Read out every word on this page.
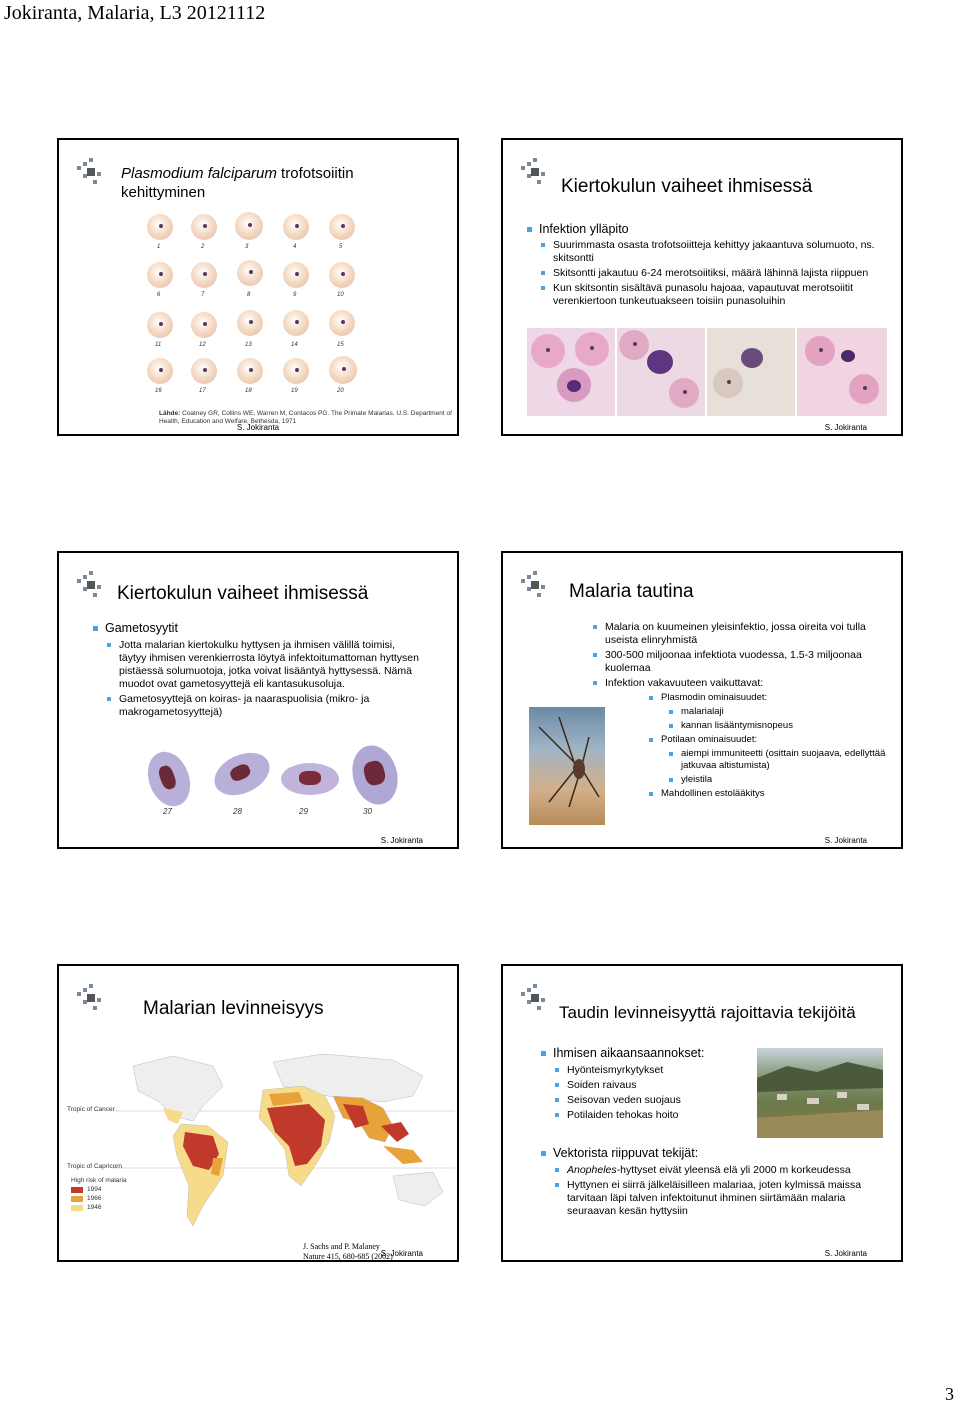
Jokiranta, Malaria, L3 20121112
Plasmodium falciparum trofotsoiitin kehittyminen
1	2	3	4	5
6	7	8	9	10
11	12	13	14	15
16	17	18	19	20
Lähde: Coatney GR, Collins WE, Warren M, Contacos PG. The Primate Malarias. U.S. Department of Health, Education and Welfare, Bethesda, 1971
S. Jokiranta
Kiertokulun vaiheet ihmisessä
Infektion ylläpito
Suurimmasta osasta trofotsoiitteja kehittyy jakaantuva solumuoto, ns. skitsontti
Skitsontti jakautuu 6-24 merotsoiitiksi, määrä lähinnä lajista riippuen
Kun skitsontin sisältävä punasolu hajoaa, vapautuvat merotsoiitit verenkiertoon tunkeutuakseen toisiin punasoluihin
S. Jokiranta
Kiertokulun vaiheet ihmisessä
Gametosyytit
Jotta malarian kiertokulku hyttysen ja ihmisen välillä toimisi, täytyy ihmisen verenkierrosta löytyä infektoitumattoman hyttysen pistäessä solumuotoja, jotka voivat lisääntyä hyttysessä. Nämä muodot ovat gametosyyttejä eli kantasukusoluja.
Gametosyyttejä on koiras- ja naaraspuolisia (mikro- ja makrogametosyyttejä)
27	28	29	30
S. Jokiranta
Malaria tautina
Malaria on kuumeinen yleisinfektio, jossa oireita voi tulla useista elinryhmistä
300-500 miljoonaa infektiota vuodessa, 1.5-3 miljoonaa kuolemaa
Infektion vakavuuteen vaikuttavat:
Plasmodin ominaisuudet:
malarialaji
kannan lisääntymisnopeus
Potilaan ominaisuudet:
aiempi immuniteetti (osittain suojaava, edellyttää jatkuvaa altistumista)
yleistila
Mahdollinen estolääkitys
S. Jokiranta
Malarian levinneisyys
Tropic of Cancer
Tropic of Capricorn
High risk of malaria
1994
1966
1946
J. Sachs and P. Malaney
Nature 415, 680-685 (2002)
S. Jokiranta
Taudin levinneisyyttä rajoittavia tekijöitä
Ihmisen aikaansaannokset:
Hyönteismyrkytykset
Soiden raivaus
Seisovan veden suojaus
Potilaiden tehokas hoito
Vektorista riippuvat tekijät:
Anopheles-hyttyset eivät yleensä elä yli 2000 m korkeudessa
Hyttynen ei siirrä jälkeläisilleen malariaa, joten kylmissä maissa tarvitaan läpi talven infektoitunut ihminen siirtämään malaria seuraavan kesän hyttysiin
S. Jokiranta
3
